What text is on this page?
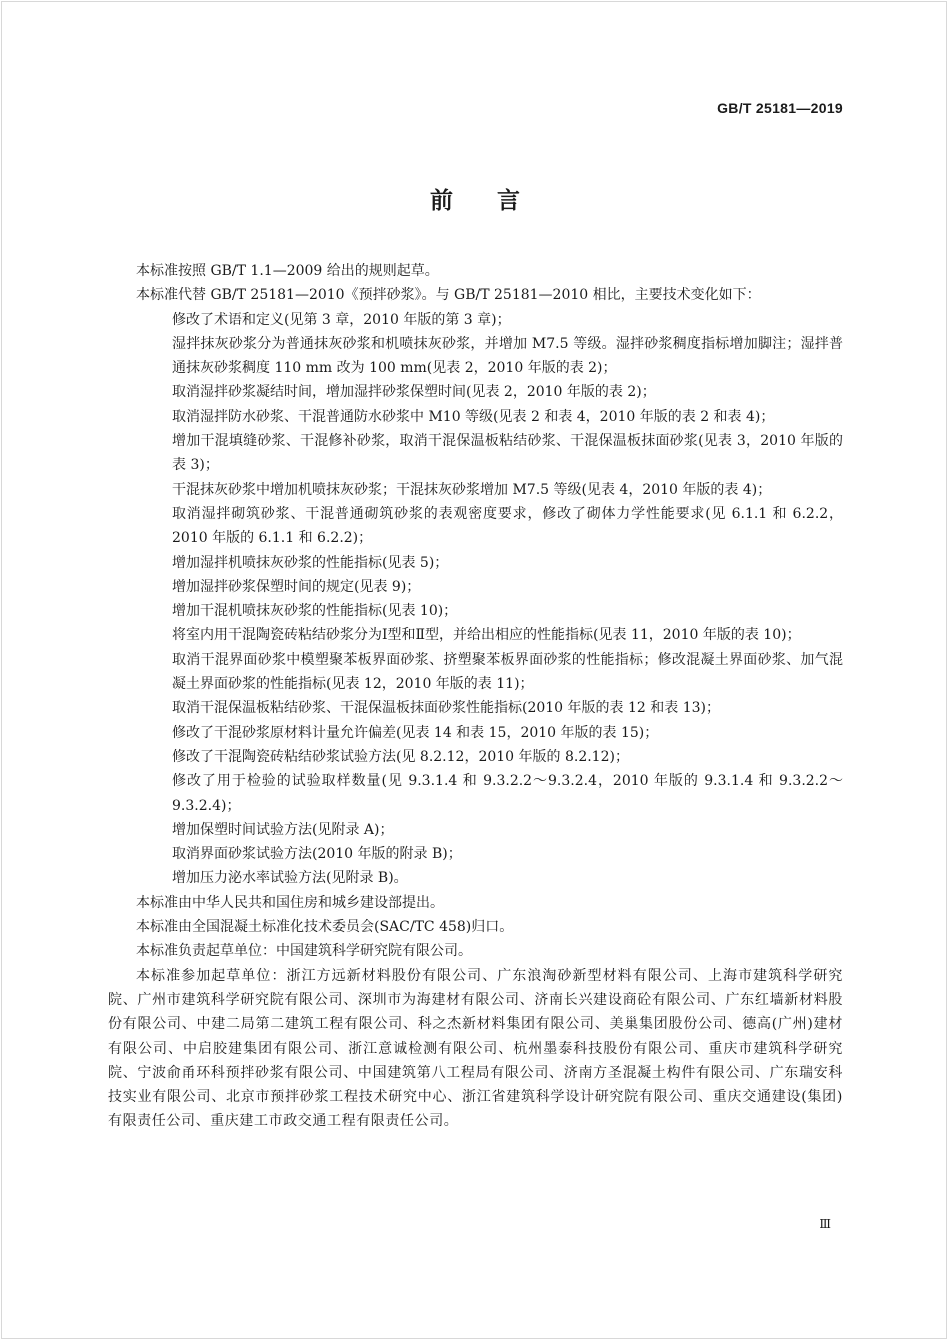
GB/T 25181—2019
前言

本标准按照 GB/T 1.1—2009 给出的规则起草。

本标准代替 GB/T 25181—2010《预拌砂浆》。与 GB/T 25181—2010 相比，主要技术变化如下：

修改了术语和定义(见第 3 章，2010 年版的第 3 章)；

湿拌抹灰砂浆分为普通抹灰砂浆和机喷抹灰砂浆，并增加 M7.5 等级。湿拌砂浆稠度指标增加脚注；湿拌普通抹灰砂浆稠度 110 mm 改为 100 mm(见表 2，2010 年版的表 2)；

取消湿拌砂浆凝结时间，增加湿拌砂浆保塑时间(见表 2，2010 年版的表 2)；

取消湿拌防水砂浆、干混普通防水砂浆中 M10 等级(见表 2 和表 4，2010 年版的表 2 和表 4)；

增加干混填缝砂浆、干混修补砂浆，取消干混保温板粘结砂浆、干混保温板抹面砂浆(见表 3，2010 年版的表 3)；

干混抹灰砂浆中增加机喷抹灰砂浆；干混抹灰砂浆增加 M7.5 等级(见表 4，2010 年版的表 4)；

取消湿拌砌筑砂浆、干混普通砌筑砂浆的表观密度要求，修改了砌体力学性能要求(见 6.1.1 和 6.2.2，2010 年版的 6.1.1 和 6.2.2)；

增加湿拌机喷抹灰砂浆的性能指标(见表 5)；

增加湿拌砂浆保塑时间的规定(见表 9)；

增加干混机喷抹灰砂浆的性能指标(见表 10)；

将室内用干混陶瓷砖粘结砂浆分为Ⅰ型和Ⅱ型，并给出相应的性能指标(见表 11，2010 年版的表 10)；

取消干混界面砂浆中模塑聚苯板界面砂浆、挤塑聚苯板界面砂浆的性能指标；修改混凝土界面砂浆、加气混凝土界面砂浆的性能指标(见表 12，2010 年版的表 11)；

取消干混保温板粘结砂浆、干混保温板抹面砂浆性能指标(2010 年版的表 12 和表 13)；

修改了干混砂浆原材料计量允许偏差(见表 14 和表 15，2010 年版的表 15)；

修改了干混陶瓷砖粘结砂浆试验方法(见 8.2.12，2010 年版的 8.2.12)；

修改了用于检验的试验取样数量(见 9.3.1.4 和 9.3.2.2～9.3.2.4，2010 年版的 9.3.1.4 和 9.3.2.2～9.3.2.4)；

增加保塑时间试验方法(见附录 A)；

取消界面砂浆试验方法(2010 年版的附录 B)；

增加压力泌水率试验方法(见附录 B)。

本标准由中华人民共和国住房和城乡建设部提出。

本标准由全国混凝土标准化技术委员会(SAC/TC 458)归口。

本标准负责起草单位：中国建筑科学研究院有限公司。

本标准参加起草单位：浙江方远新材料股份有限公司、广东浪淘砂新型材料有限公司、上海市建筑科学研究院、广州市建筑科学研究院有限公司、深圳市为海建材有限公司、济南长兴建设商砼有限公司、广东红墙新材料股份有限公司、中建二局第二建筑工程有限公司、科之杰新材料集团有限公司、美巢集团股份公司、德高(广州)建材有限公司、中启胶建集团有限公司、浙江意诚检测有限公司、杭州墨泰科技股份有限公司、重庆市建筑科学研究院、宁波俞甬环科预拌砂浆有限公司、中国建筑第八工程局有限公司、济南方圣混凝土构件有限公司、广东瑞安科技实业有限公司、北京市预拌砂浆工程技术研究中心、浙江省建筑科学设计研究院有限公司、重庆交通建设(集团)有限责任公司、重庆建工市政交通工程有限责任公司。

Ⅲ
